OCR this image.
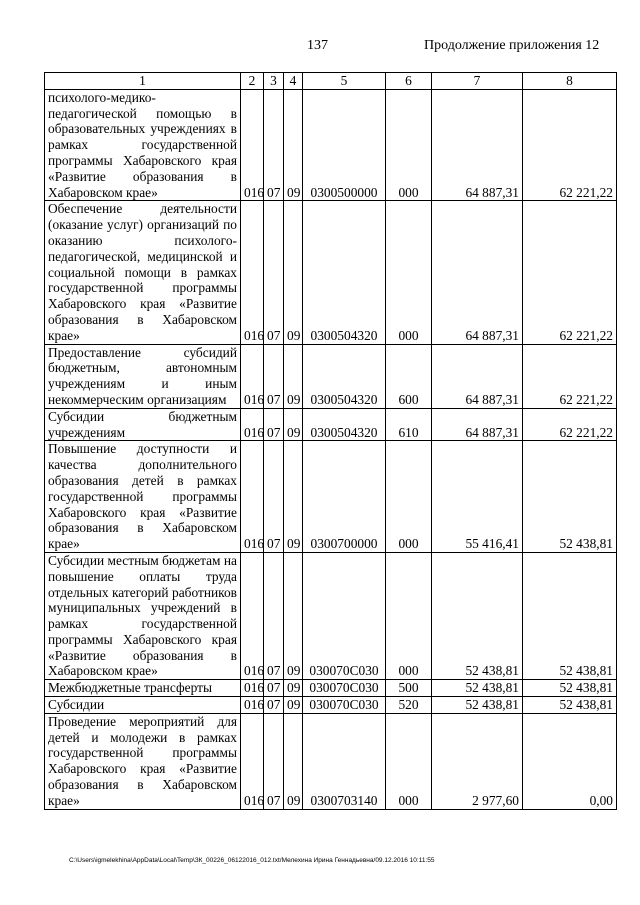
137	Продолжение приложения 12
1	2	3	4	5	6	7	8
психолого-медико-педагогической помощью в образовательных учреждениях в рамках государственной программы Хабаровского края «Развитие образования в Хабаровском крае»	016	07	09	0300500000	000	64 887,31	62 221,22
Обеспечение деятельности (оказание услуг) организаций по оказанию психолого-педагогической, медицинской и социальной помощи в рамках государственной программы Хабаровского края «Развитие образования в Хабаровском крае»	016	07	09	0300504320	000	64 887,31	62 221,22
Предоставление субсидий бюджетным, автономным учреждениям и иным некоммерческим организациям	016	07	09	0300504320	600	64 887,31	62 221,22
Субсидии бюджетным учреждениям	016	07	09	0300504320	610	64 887,31	62 221,22
Повышение доступности и качества дополнительного образования детей в рамках государственной программы Хабаровского края «Развитие образования в Хабаровском крае»	016	07	09	0300700000	000	55 416,41	52 438,81
Субсидии местным бюджетам на повышение оплаты труда отдельных категорий работников муниципальных учреждений в рамках государственной программы Хабаровского края «Развитие образования в Хабаровском крае»	016	07	09	030070С030	000	52 438,81	52 438,81
Межбюджетные трансферты	016	07	09	030070С030	500	52 438,81	52 438,81
Субсидии	016	07	09	030070С030	520	52 438,81	52 438,81
Проведение мероприятий для детей и молодежи в рамках государственной программы Хабаровского края «Развитие образования в Хабаровском крае»	016	07	09	0300703140	000	2 977,60	0,00
C:\Users\igmelekhina\AppData\Local\Temp\ЗК_00226_06122016_012.txt/Мелехина Ирина Геннадьевна/09.12.2016 10:11:55
